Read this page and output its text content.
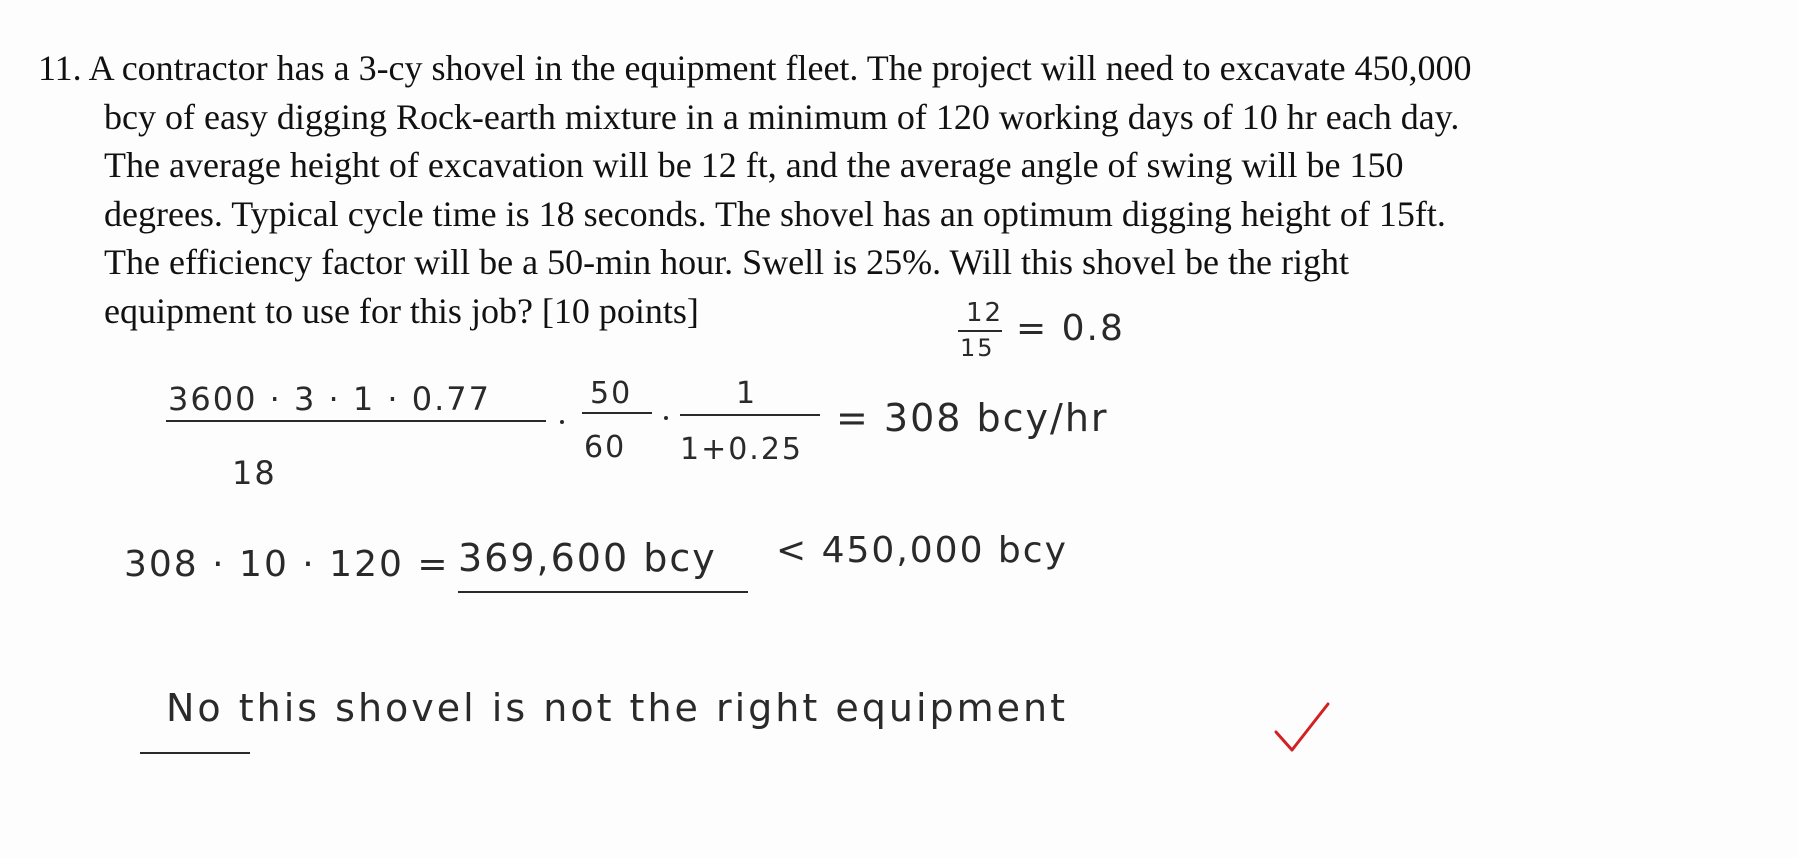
11. A contractor has a 3-cy shovel in the equipment fleet. The project will need to excavate 450,000
bcy of easy digging Rock-earth mixture in a minimum of 120 working days of 10 hr each day.
The average height of excavation will be 12 ft, and the average angle of swing will be 150
degrees. Typical cycle time is 18 seconds. The shovel has an optimum digging height of 15ft.
The efficiency factor will be a 50-min hour. Swell is 25%. Will this shovel be the right
equipment to use for this job? [10 points]	12
15 = 0.8
3600 · 3 · 1 · 0.77
18
50
60
1
1+0.25
= 308 bcy/hr
308 · 10 · 120 = 369,600 bcy < 450,000 bcy
No this shovel is not the right equipment
